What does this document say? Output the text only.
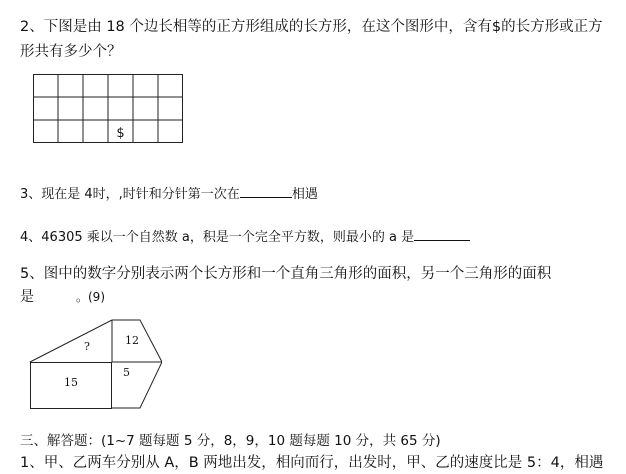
2、下图是由 18 个边长相等的正方形组成的长方形，在这个图形中，含有$的长方形或正方
形共有多少个？
$
3、现在是 4时，,时针和分针第一次在	相遇
4、46305 乘以一个自然数 a，积是一个完全平方数，则最小的 a 是
5、图中的数字分别表示两个长方形和一个直角三角形的面积，另一个三角形的面积
是	。(9)
?	12
15
5
三、解答题：(1~7 题每题 5 分，8，9，10 题每题 10 分，共 65 分)
1、甲、乙两车分别从 A，B 两地出发，相向而行，出发时，甲、乙的速度比是 5：4，相遇
